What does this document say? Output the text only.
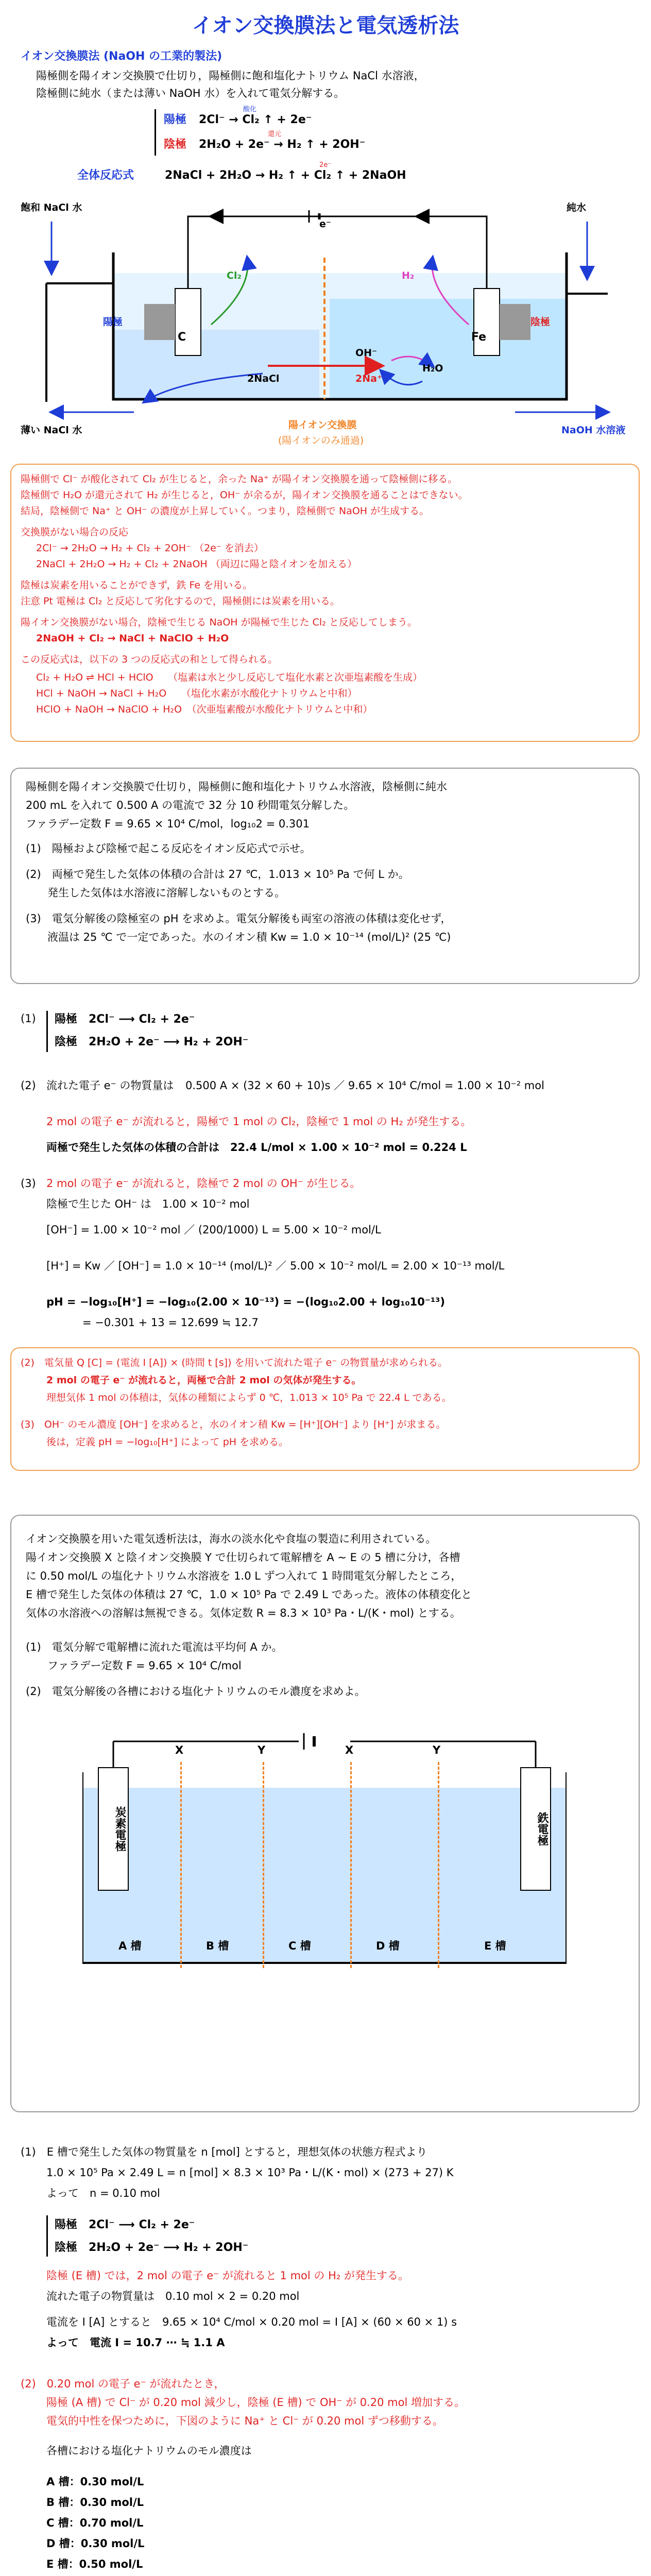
イオン交換膜法と電気透析法
イオン交換膜法 (NaOH の工業的製法)
陽極側を陽イオン交換膜で仕切り，陽極側に飽和塩化ナトリウム NaCl 水溶液，
陰極側に純水（または薄い NaOH 水）を入れて電気分解する。
陽極 2Cl⁻ → Cl₂ ↑ + 2e⁻
酸化
陰極 2H₂O + 2e⁻ → H₂ ↑ + 2OH⁻
還元
全体反応式	2NaCl + 2H₂O → H₂ ↑ + Cl₂ ↑ + 2NaOH
2e⁻
飽和 NaCl 水	純水
陽極	陰極
C	Fe
Cl₂	H₂
H₂O
OH⁻
2Na⁺
2NaCl
e⁻
薄い NaCl 水	陽イオン交換膜
(陽イオンのみ通過)
NaOH 水溶液
陽極側で Cl⁻ が酸化されて Cl₂ が生じると，余った Na⁺ が陽イオン交換膜を通って陰極側に移る。
陰極側で H₂O が還元されて H₂ が生じると，OH⁻ が余るが，陽イオン交換膜を通ることはできない。
結局，陰極側で Na⁺ と OH⁻ の濃度が上昇していく。つまり，陰極側で NaOH が生成する。
交換膜がない場合の反応
2Cl⁻ → 2H₂O → H₂ + Cl₂ + 2OH⁻ （2e⁻ を消去）
2NaCl + 2H₂O → H₂ + Cl₂ + 2NaOH （両辺に陽と陰イオンを加える）
陰極は炭素を用いることができず，鉄 Fe を用いる。
注意 Pt 電極は Cl₂ と反応して劣化するので，陽極側には炭素を用いる。
陽イオン交換膜がない場合，陰極で生じる NaOH が陽極で生じた Cl₂ と反応してしまう。
2NaOH + Cl₂ → NaCl + NaClO + H₂O
この反応式は，以下の 3 つの反応式の和として得られる。
Cl₂ + H₂O ⇌ HCl + HClO　　（塩素は水と少し反応して塩化水素と次亜塩素酸を生成）
HCl + NaOH → NaCl + H₂O　　（塩化水素が水酸化ナトリウムと中和）
HClO + NaOH → NaClO + H₂O　（次亜塩素酸が水酸化ナトリウムと中和）
陽極側を陽イオン交換膜で仕切り，陽極側に飽和塩化ナトリウム水溶液，陰極側に純水
200 mL を入れて 0.500 A の電流で 32 分 10 秒間電気分解した。
ファラデー定数 F = 9.65 × 10⁴ C/mol，log₁₀2 = 0.301
(1)　陽極および陰極で起こる反応をイオン反応式で示せ。
(2)　両極で発生した気体の体積の合計は 27 ℃，1.013 × 10⁵ Pa で何 L か。
　　発生した気体は水溶液に溶解しないものとする。
(3)　電気分解後の陰極室の pH を求めよ。電気分解後も両室の溶液の体積は変化せず，
　　液温は 25 ℃ で一定であった。水のイオン積 Kw = 1.0 × 10⁻¹⁴ (mol/L)² (25 ℃)
(1) 陽極　2Cl⁻ ⟶ Cl₂ + 2e⁻
陰極　2H₂O + 2e⁻ ⟶ H₂ + 2OH⁻
(2) 流れた電子 e⁻ の物質量は 0.500 A × (32 × 60 + 10)s ／ 9.65 × 10⁴ C/mol = 1.00 × 10⁻² mol
2 mol の電子 e⁻ が流れると，陽極で 1 mol の Cl₂，陰極で 1 mol の H₂ が発生する。
両極で発生した気体の体積の合計は　22.4 L/mol × 1.00 × 10⁻² mol = 0.224 L
(3) 2 mol の電子 e⁻ が流れると，陰極で 2 mol の OH⁻ が生じる。
陰極で生じた OH⁻ は　1.00 × 10⁻² mol
[OH⁻] = 1.00 × 10⁻² mol ／ (200/1000) L = 5.00 × 10⁻² mol/L
[H⁺] = Kw ／ [OH⁻] = 1.0 × 10⁻¹⁴ (mol/L)² ／ 5.00 × 10⁻² mol/L = 2.00 × 10⁻¹³ mol/L
pH = −log₁₀[H⁺] = −log₁₀(2.00 × 10⁻¹³) = −(log₁₀2.00 + log₁₀10⁻¹³)
= −0.301 + 13 = 12.699 ≒ 12.7
(2)　電気量 Q [C] = (電流 I [A]) × (時間 t [s]) を用いて流れた電子 e⁻ の物質量が求められる。
2 mol の電子 e⁻ が流れると，両極で合計 2 mol の気体が発生する。
理想気体 1 mol の体積は，気体の種類によらず 0 ℃，1.013 × 10⁵ Pa で 22.4 L である。
(3)　OH⁻ のモル濃度 [OH⁻] を求めると，水のイオン積 Kw = [H⁺][OH⁻] より [H⁺] が求まる。
後は，定義 pH = −log₁₀[H⁺] によって pH を求める。
イオン交換膜を用いた電気透析法は，海水の淡水化や食塩の製造に利用されている。
陽イオン交換膜 X と陰イオン交換膜 Y で仕切られて電解槽を A ~ E の 5 槽に分け，各槽
に 0.50 mol/L の塩化ナトリウム水溶液を 1.0 L ずつ入れて 1 時間電気分解したところ，
E 槽で発生した気体の体積は 27 ℃，1.0 × 10⁵ Pa で 2.49 L であった。液体の体積変化と
気体の水溶液への溶解は無視できる。気体定数 R = 8.3 × 10³ Pa・L/(K・mol) とする。
(1)　電気分解で電解槽に流れた電流は平均何 A か。
　　ファラデー定数 F = 9.65 × 10⁴ C/mol
(2)　電気分解後の各槽における塩化ナトリウムのモル濃度を求めよ。
炭素電極	鉄電極
X	Y	X	Y
A 槽	B 槽	C 槽	D 槽	E 槽
(1)　E 槽で発生した気体の物質量を n [mol] とすると，理想気体の状態方程式より
1.0 × 10⁵ Pa × 2.49 L = n [mol] × 8.3 × 10³ Pa・L/(K・mol) × (273 + 27) K
よって　n = 0.10 mol
陽極　2Cl⁻ ⟶ Cl₂ + 2e⁻
陰極　2H₂O + 2e⁻ ⟶ H₂ + 2OH⁻
陰極 (E 槽) では，2 mol の電子 e⁻ が流れると 1 mol の H₂ が発生する。
流れた電子の物質量は　0.10 mol × 2 = 0.20 mol
電流を I [A] とすると　9.65 × 10⁴ C/mol × 0.20 mol = I [A] × (60 × 60 × 1) s
よって　電流 I = 10.7 ⋯ ≒ 1.1 A
(2)　0.20 mol の電子 e⁻ が流れたとき，
陽極 (A 槽) で Cl⁻ が 0.20 mol 減少し，陰極 (E 槽) で OH⁻ が 0.20 mol 増加する。
電気的中性を保つために，下図のように Na⁺ と Cl⁻ が 0.20 mol ずつ移動する。
各槽における塩化ナトリウムのモル濃度は
A 槽：0.30 mol/L
B 槽：0.30 mol/L
C 槽：0.70 mol/L
D 槽：0.30 mol/L
E 槽：0.50 mol/L
